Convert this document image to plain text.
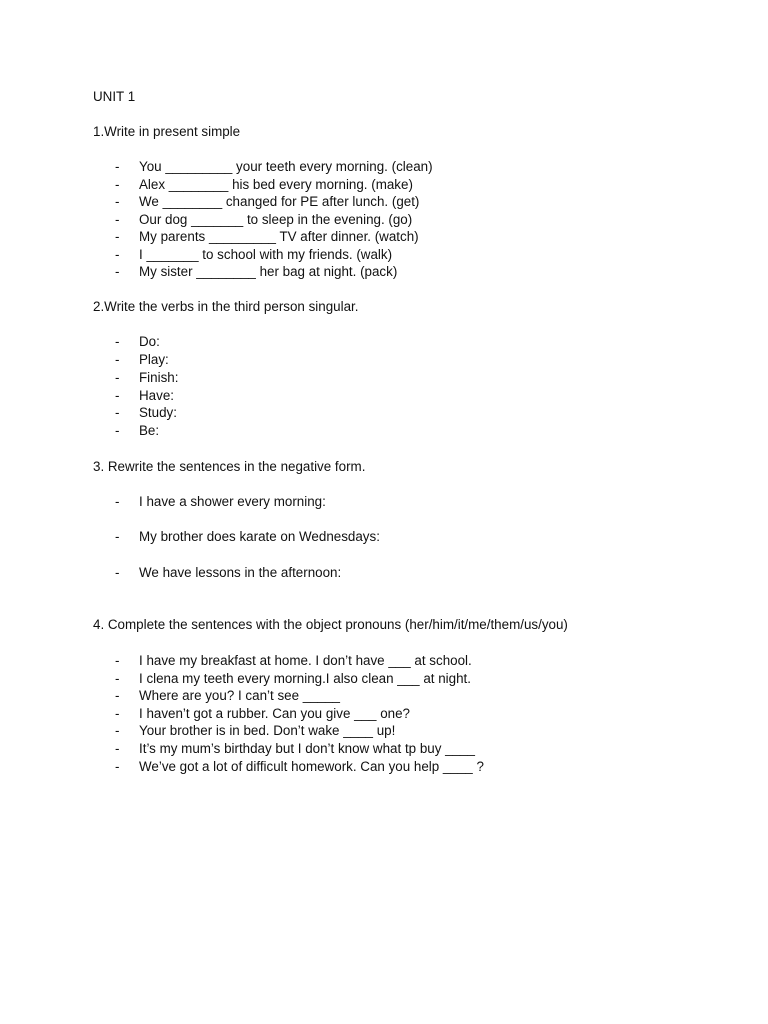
UNIT 1
1.Write in present simple
- You _________ your teeth every morning. (clean)
- Alex ________ his bed every morning. (make)
- We ________ changed for PE after lunch. (get)
- Our dog _______ to sleep in the evening. (go)
- My parents _________ TV after dinner. (watch)
- I _______ to school with my friends. (walk)
- My sister ________ her bag at night. (pack)
2.Write the verbs in the third person singular.
- Do:
- Play:
- Finish:
- Have:
- Study:
- Be:
3. Rewrite the sentences in the negative form.
- I have a shower every morning:
- My brother does karate on Wednesdays:
- We have lessons in the afternoon:
4. Complete the sentences with the object pronouns (her/him/it/me/them/us/you)
- I have my breakfast at home. I don’t have ___ at school.
- I clena my teeth every morning.I also clean ___ at night.
- Where are you? I can’t see _____
- I haven’t got a rubber. Can you give ___ one?
- Your brother is in bed. Don’t wake ____ up!
- It’s my mum’s birthday but I don’t know what tp buy ____
- We’ve got a lot of difficult homework. Can you help ____ ?
